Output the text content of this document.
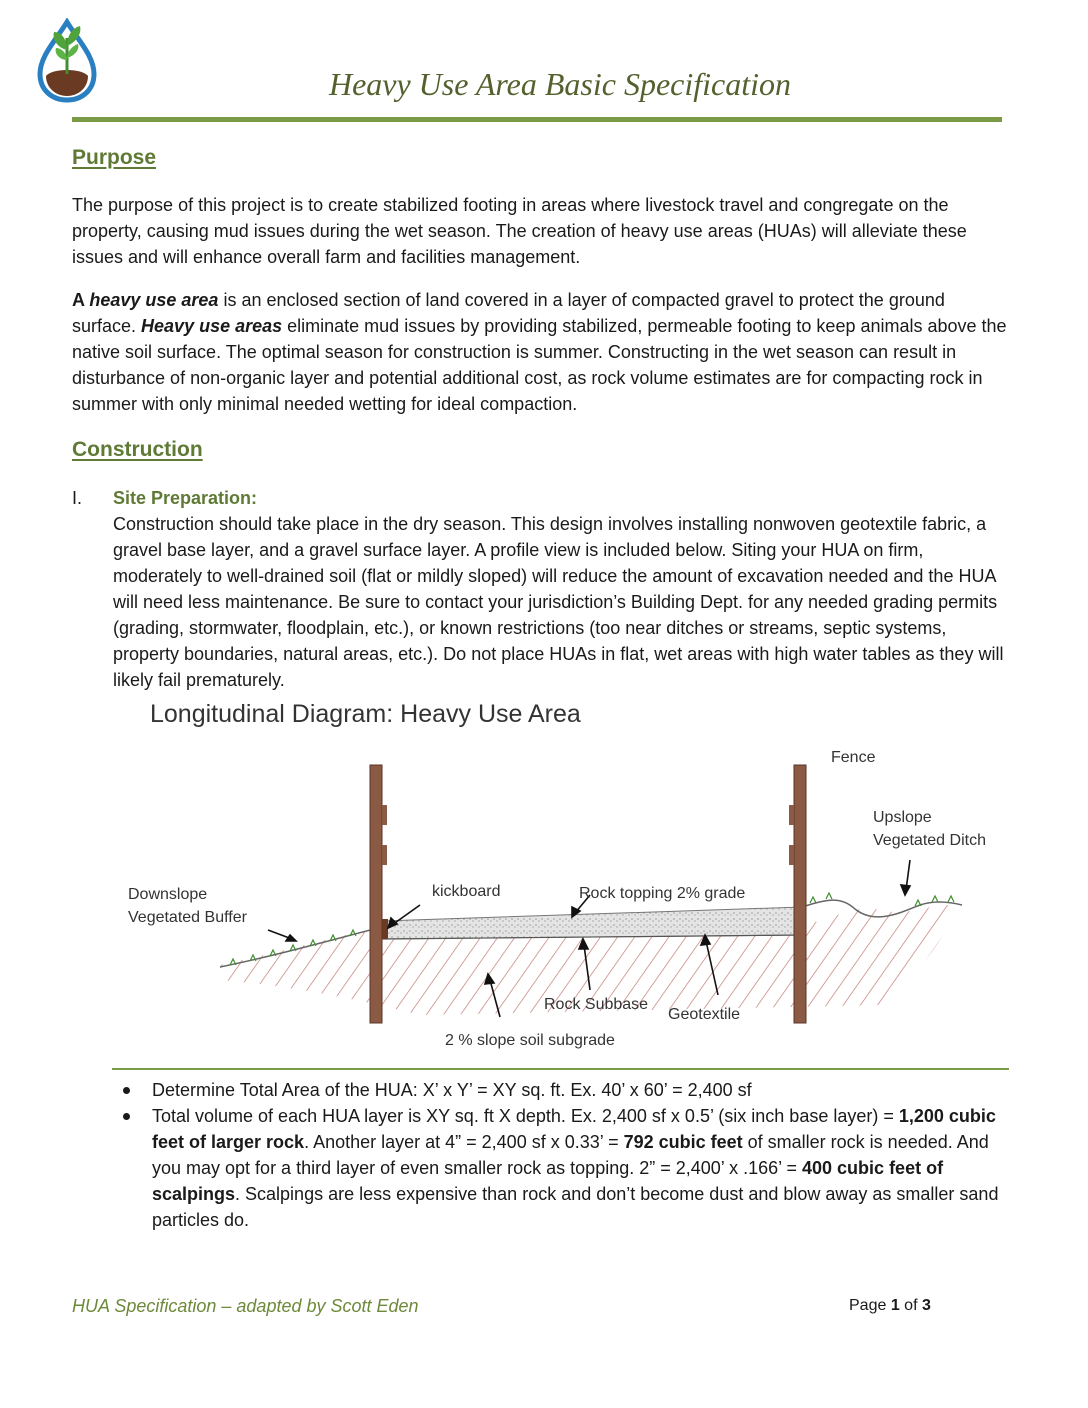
Heavy Use Area Basic Specification
Purpose

The purpose of this project is to create stabilized footing in areas where livestock travel and congregate on the property, causing mud issues during the wet season. The creation of heavy use areas (HUAs) will alleviate these issues and will enhance overall farm and facilities management.

A heavy use area is an enclosed section of land covered in a layer of compacted gravel to protect the ground surface. Heavy use areas eliminate mud issues by providing stabilized, permeable footing to keep animals above the native soil surface. The optimal season for construction is summer. Constructing in the wet season can result in disturbance of non-organic layer and potential additional cost, as rock volume estimates are for compacting rock in summer with only minimal needed wetting for ideal compaction.

Construction
I. Site Preparation:

Construction should take place in the dry season. This design involves installing nonwoven geotextile fabric, a gravel base layer, and a gravel surface layer. A profile view is included below. Siting your HUA on firm, moderately to well-drained soil (flat or mildly sloped) will reduce the amount of excavation needed and the HUA will need less maintenance. Be sure to contact your jurisdiction’s Building Dept. for any needed grading permits (grading, stormwater, floodplain, etc.), or known restrictions (too near ditches or streams, septic systems, property boundaries, natural areas, etc.). Do not place HUAs in flat, wet areas with high water tables as they will likely fail prematurely.

Longitudinal Diagram: Heavy Use Area
Fence
Upslope
Vegetated Ditch
Downslope
Vegetated Buffer
kickboard	Rock topping 2% grade
Rock Subbase
Geotextile
2 % slope soil subgrade
Determine Total Area of the HUA: X’ x Y’ = XY sq. ft. Ex. 40’ x 60’ = 2,400 sf
Total volume of each HUA layer is XY sq. ft X depth. Ex. 2,400 sf x 0.5’ (six inch base layer) = 1,200 cubic feet of larger rock. Another layer at 4” = 2,400 sf x 0.33’ = 792 cubic feet of smaller rock is needed. And you may opt for a third layer of even smaller rock as topping. 2” = 2,400’ x .166’ = 400 cubic feet of scalpings. Scalpings are less expensive than rock and don’t become dust and blow away as smaller sand particles do.
HUA Specification – adapted by Scott Eden	Page 1 of 3
